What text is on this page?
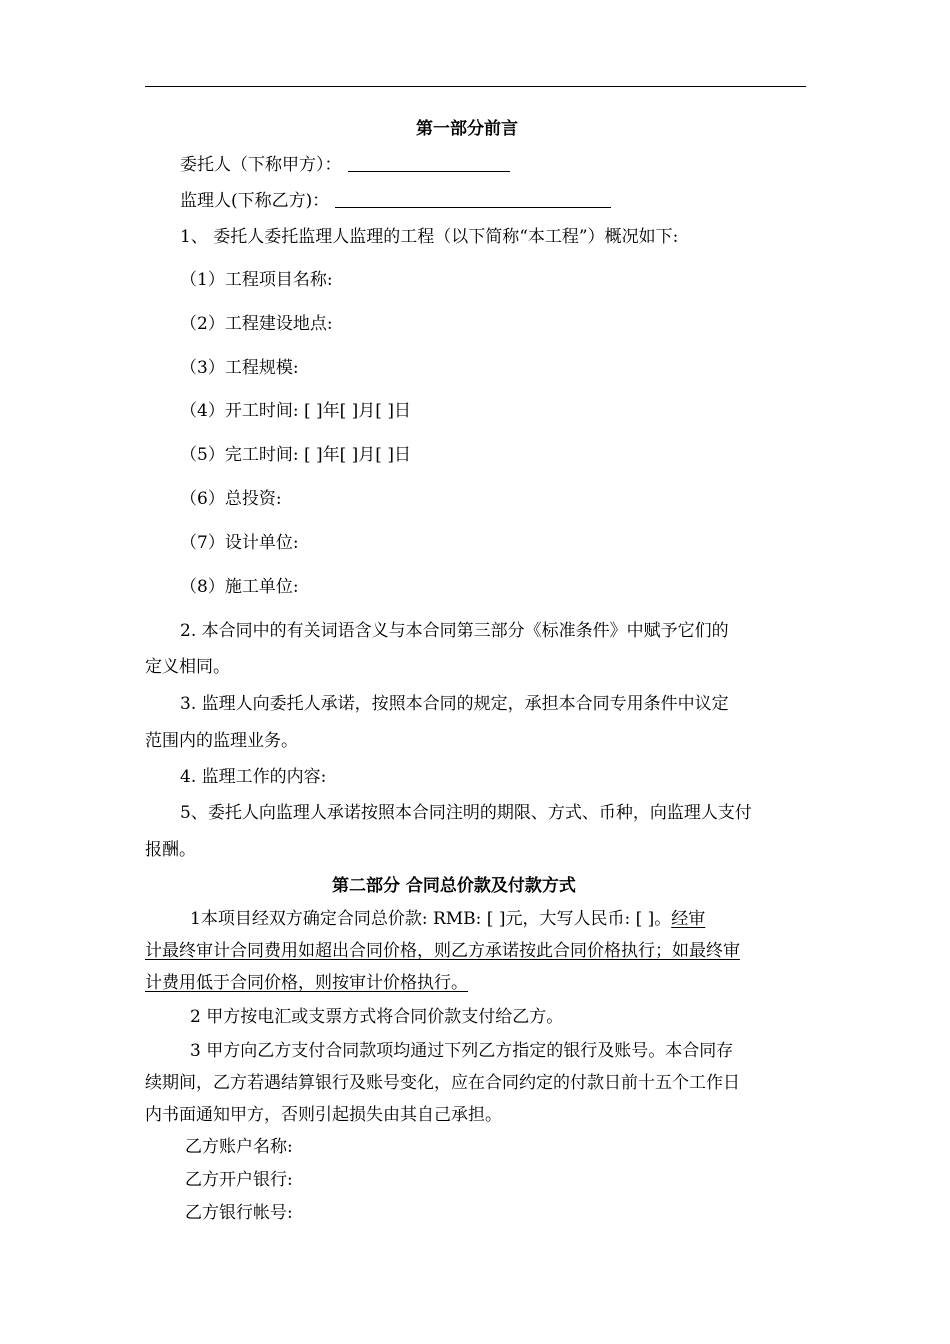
第一部分前言
委托人（下称甲方）：
监理人(下称乙方)：
1、 委托人委托监理人监理的工程（以下简称“本工程”）概况如下:
（1）工程项目名称:
（2）工程建设地点:
（3）工程规模:
（4）开工时间: [ ]年[ ]月[ ]日
（5）完工时间: [ ]年[ ]月[ ]日
（6）总投资:
（7）设计单位:
（8）施工单位:
2. 本合同中的有关词语含义与本合同第三部分《标准条件》中赋予它们的
定义相同。
3. 监理人向委托人承诺，按照本合同的规定，承担本合同专用条件中议定
范围内的监理业务。
4. 监理工作的内容:
5、委托人向监理人承诺按照本合同注明的期限、方式、币种，向监理人支付
报酬。
第二部分 合同总价款及付款方式
1本项目经双方确定合同总价款: RMB: [ ]元，大写人民币: [ ]。经审
计最终审计合同费用如超出合同价格，则乙方承诺按此合同价格执行；如最终审
计费用低于合同价格，则按审计价格执行。
2 甲方按电汇或支票方式将合同价款支付给乙方。
3 甲方向乙方支付合同款项均通过下列乙方指定的银行及账号。本合同存
续期间，乙方若遇结算银行及账号变化，应在合同约定的付款日前十五个工作日
内书面通知甲方，否则引起损失由其自己承担。
乙方账户名称:
乙方开户银行:
乙方银行帐号:
